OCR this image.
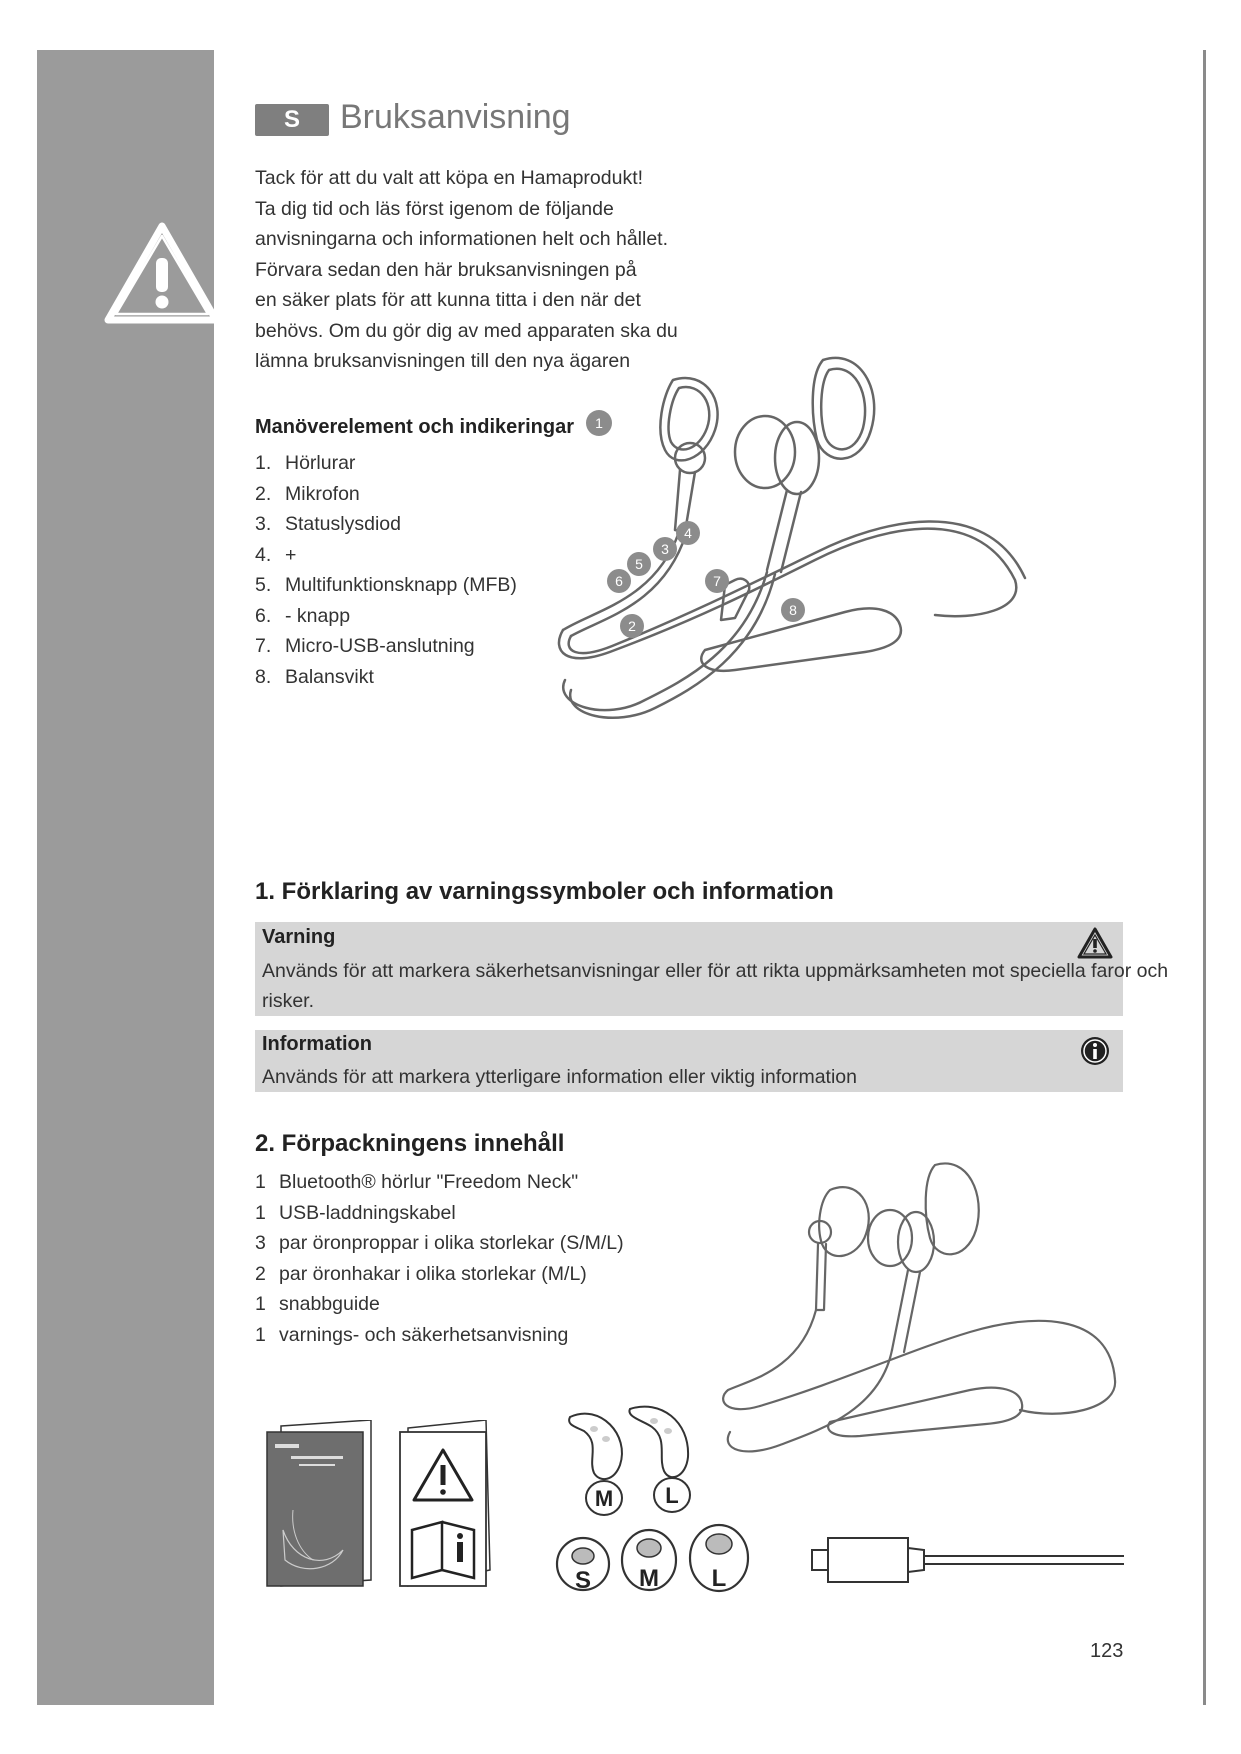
S	Bruksanvisning

Tack för att du valt att köpa en Hamaprodukt!

Ta dig tid och läs först igenom de följande

anvisningarna och informationen helt och hållet.

Förvara sedan den här bruksanvisningen på

en säker plats för att kunna titta i den när det

behövs. Om du gör dig av med apparaten ska du

lämna bruksanvisningen till den nya ägaren

Manöverelement och indikeringar
1. Hörlurar
2. Mikrofon
3. Statuslysdiod
4. +
5. Multifunktionsknapp (MFB)
6. - knapp
7. Micro-USB-anslutning
8. Balansvikt
1
2
3
4
5
6	7
8
1. Förklaring av varningssymboler och information
Varning
Används för att markera säkerhetsanvisningar eller för att rikta uppmärksamheten mot speciella faror och risker.
Information
Används för att markera ytterligare information eller viktig information
2. Förpackningens innehåll
1 Bluetooth® hörlur "Freedom Neck"
1 USB-laddningskabel
3 par öronproppar i olika storlekar (S/M/L)
2 par öronhakar i olika storlekar (M/L)
1 snabbguide
1 varnings- och säkerhetsanvisning
M L
S M L
123
